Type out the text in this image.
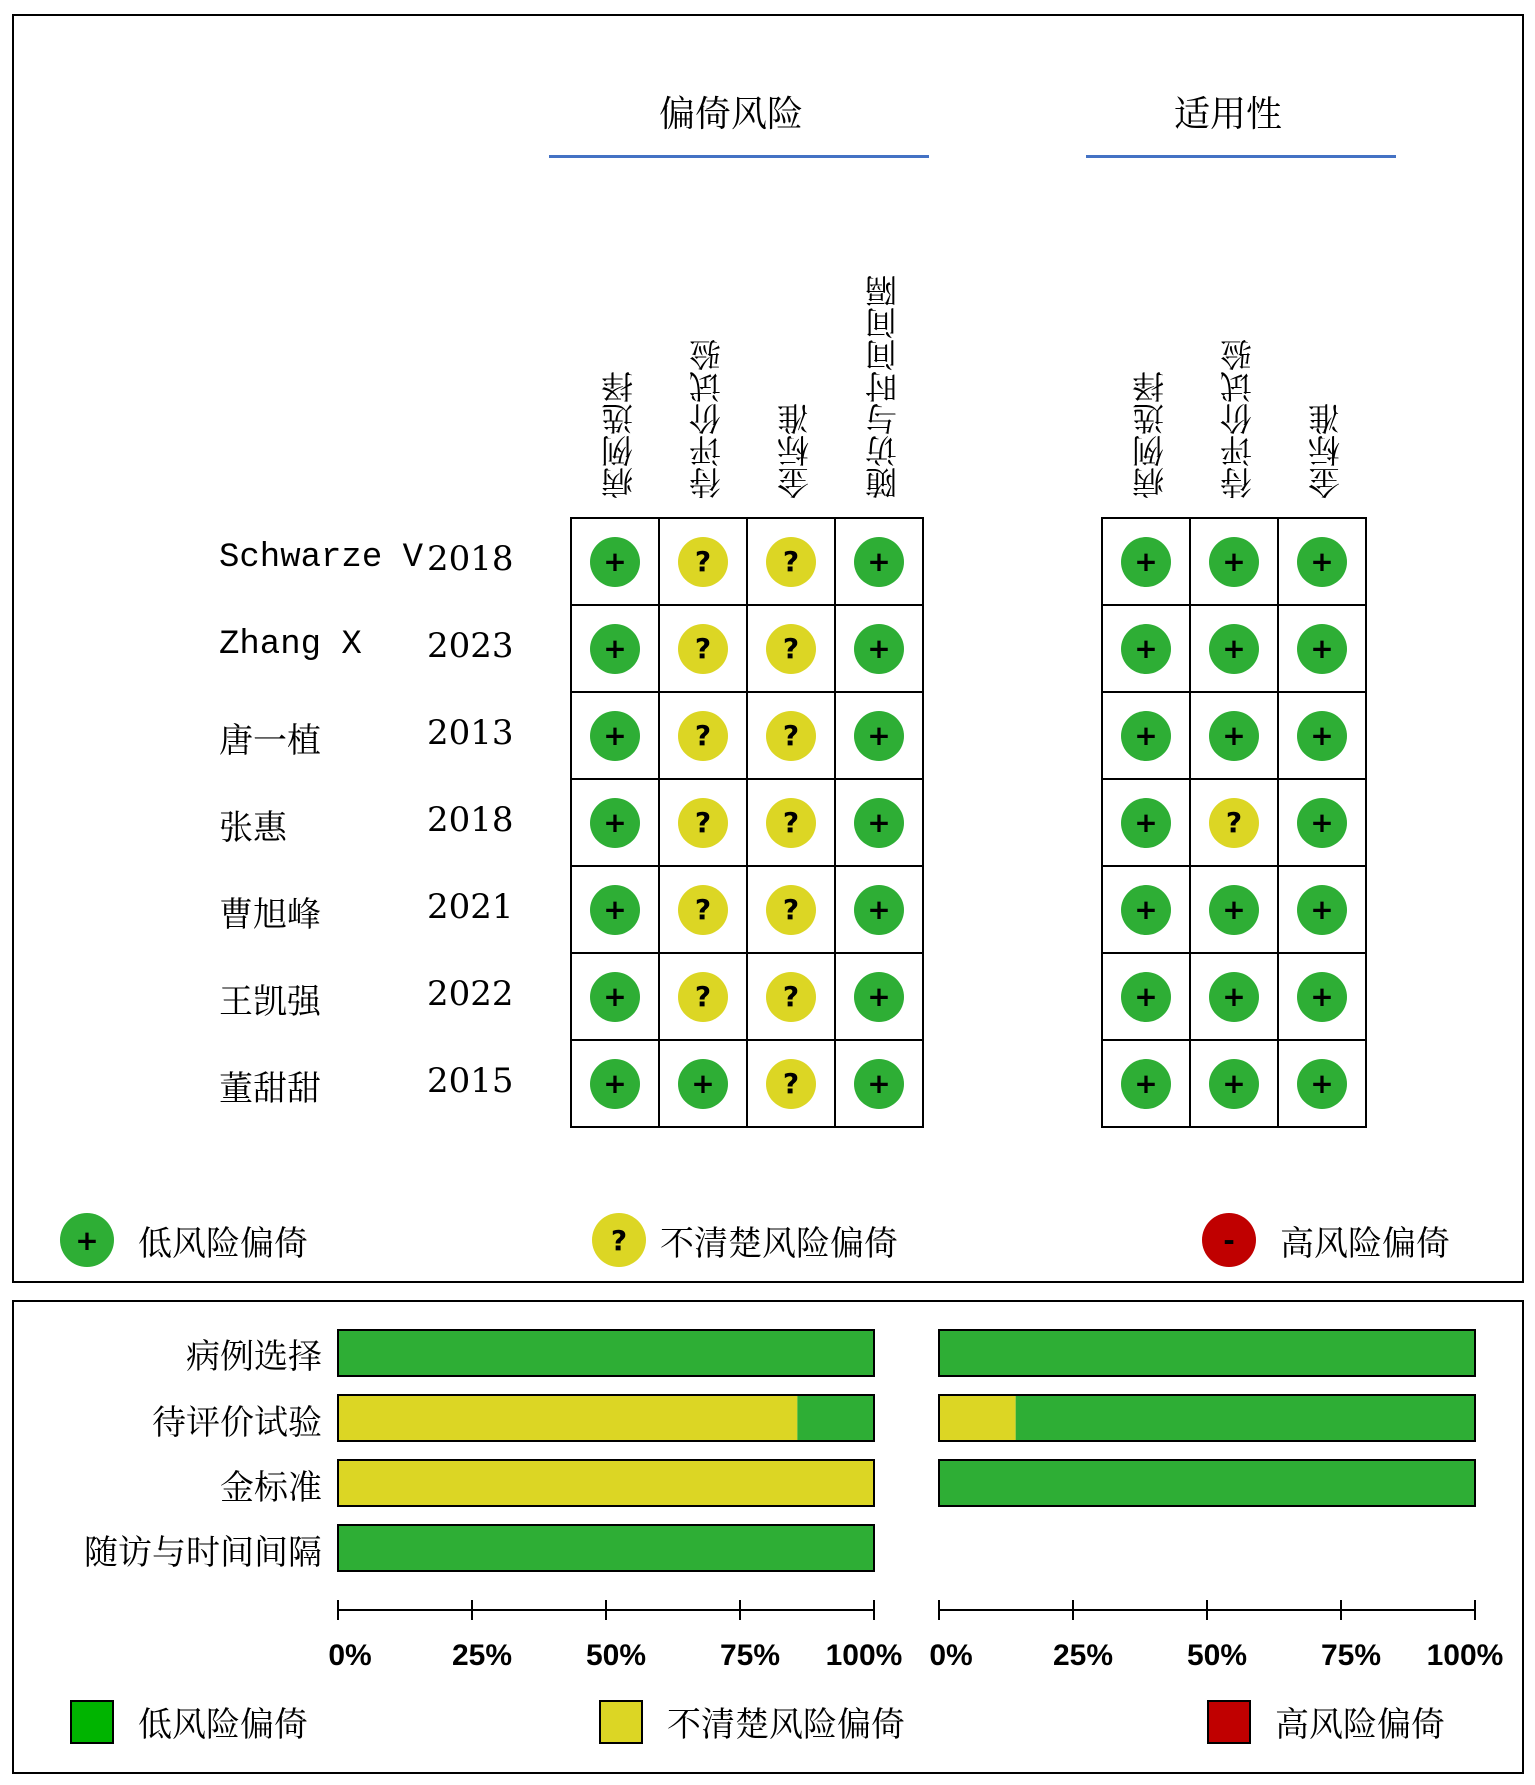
偏倚风险	适用性
病例选择 待评价试验 金标准 随访与时间间隔	病例选择 待评价试验 金标准
Schwarze V 2018
Zhang X 2023
唐一植	2013
张惠	2018
曹旭峰	2021
王凯强	2022
董甜甜	2015
+	?	?	+
+	?	?	+
+	?	?	+
+	?	?	+
+	?	?	+
+	?	?	+
+	+	?	+
+	+	+
+	+	+
+	+	+
+	?	+
+	+	+
+	+	+
+	+	+
+	低风险偏倚	? 不清楚风险偏倚	-	高风险偏倚
病例选择
待评价试验
金标准
随访与时间间隔
0%	25% 50% 75% 100% 0%	25% 50% 75% 100%
低风险偏倚	不清楚风险偏倚	高风险偏倚
